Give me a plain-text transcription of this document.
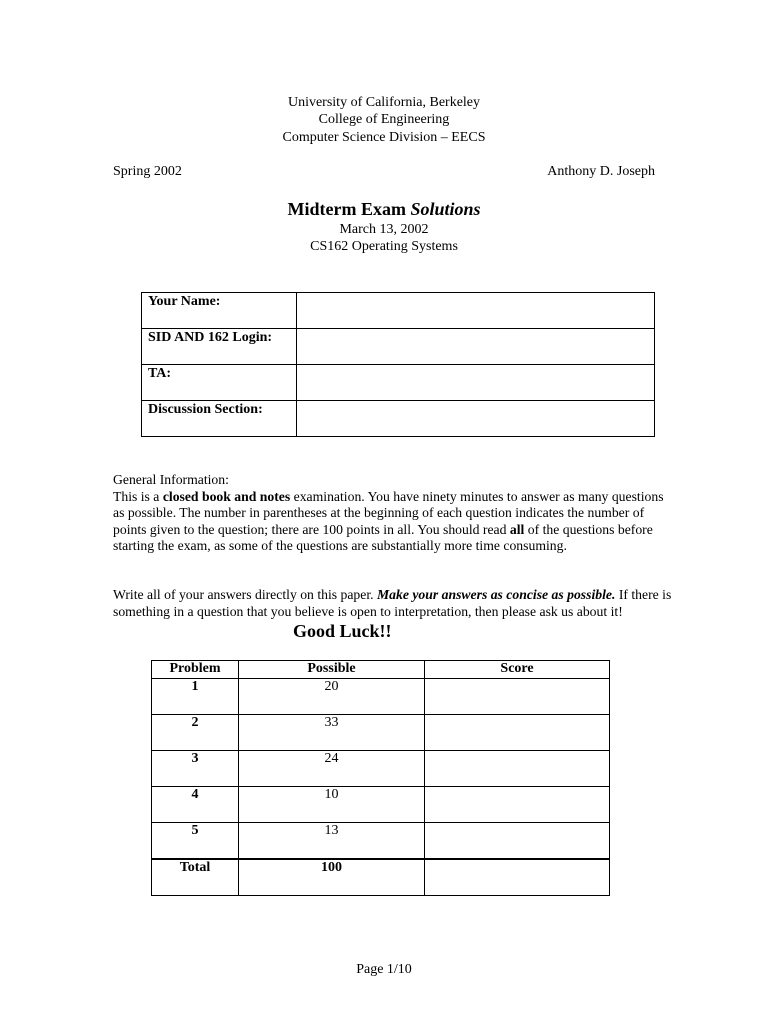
University of California, Berkeley
College of Engineering
Computer Science Division – EECS
Spring 2002	Anthony D. Joseph
Midterm Exam Solutions
March 13, 2002
CS162 Operating Systems
Your Name:	

SID AND 162 Login:	

TA:	

Discussion Section:	

General Information:
This is a closed book and notes examination. You have ninety minutes to answer as many questions as possible. The number in parentheses at the beginning of each question indicates the number of points given to the question; there are 100 points in all. You should read all of the questions before starting the exam, as some of the questions are substantially more time consuming.
Write all of your answers directly on this paper. Make your answers as concise as possible. If there is something in a question that you believe is open to interpretation, then please ask us about it!
Good Luck!!
Problem	Possible	Score
1	20	
2	33	
3	24	
4	10	
5	13	
Total	100	
Page 1/10
